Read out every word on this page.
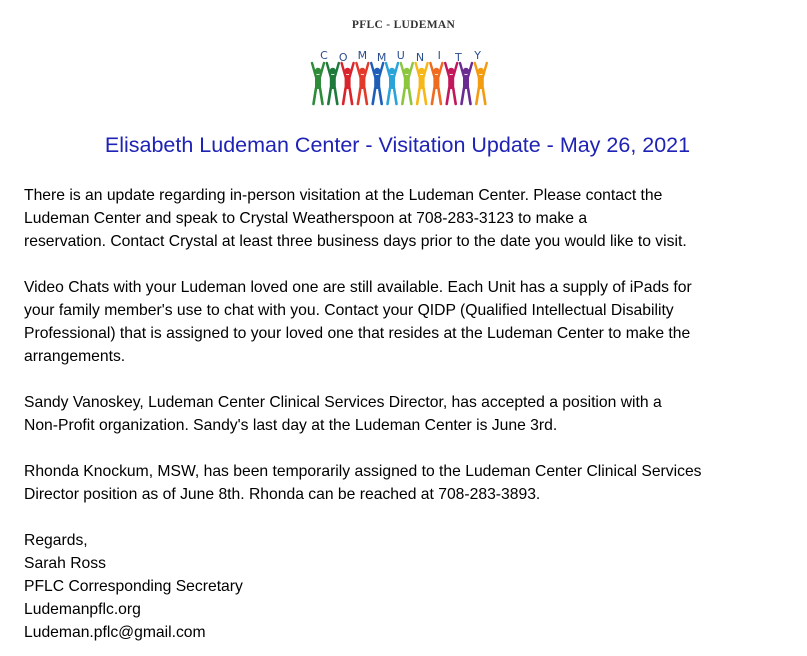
PFLC - LUDEMAN
C O M M U N I T Y
Elisabeth Ludeman Center - Visitation Update - May 26, 2021
There is an update regarding in-person visitation at the Ludeman Center. Please contact the
Ludeman Center and speak to Crystal Weatherspoon at 708-283-3123 to make a
reservation. Contact Crystal at least three business days prior to the date you would like to visit.
Video Chats with your Ludeman loved one are still available. Each Unit has a supply of iPads for
your family member's use to chat with you. Contact your QIDP (Qualified Intellectual Disability
Professional) that is assigned to your loved one that resides at the Ludeman Center to make the
arrangements.
Sandy Vanoskey, Ludeman Center Clinical Services Director, has accepted a position with a
Non-Profit organization. Sandy's last day at the Ludeman Center is June 3rd.
Rhonda Knockum, MSW, has been temporarily assigned to the Ludeman Center Clinical Services
Director position as of June 8th. Rhonda can be reached at 708-283-3893.
Regards,
Sarah Ross
PFLC Corresponding Secretary
Ludemanpflc.org
Ludeman.pflc@gmail.com
